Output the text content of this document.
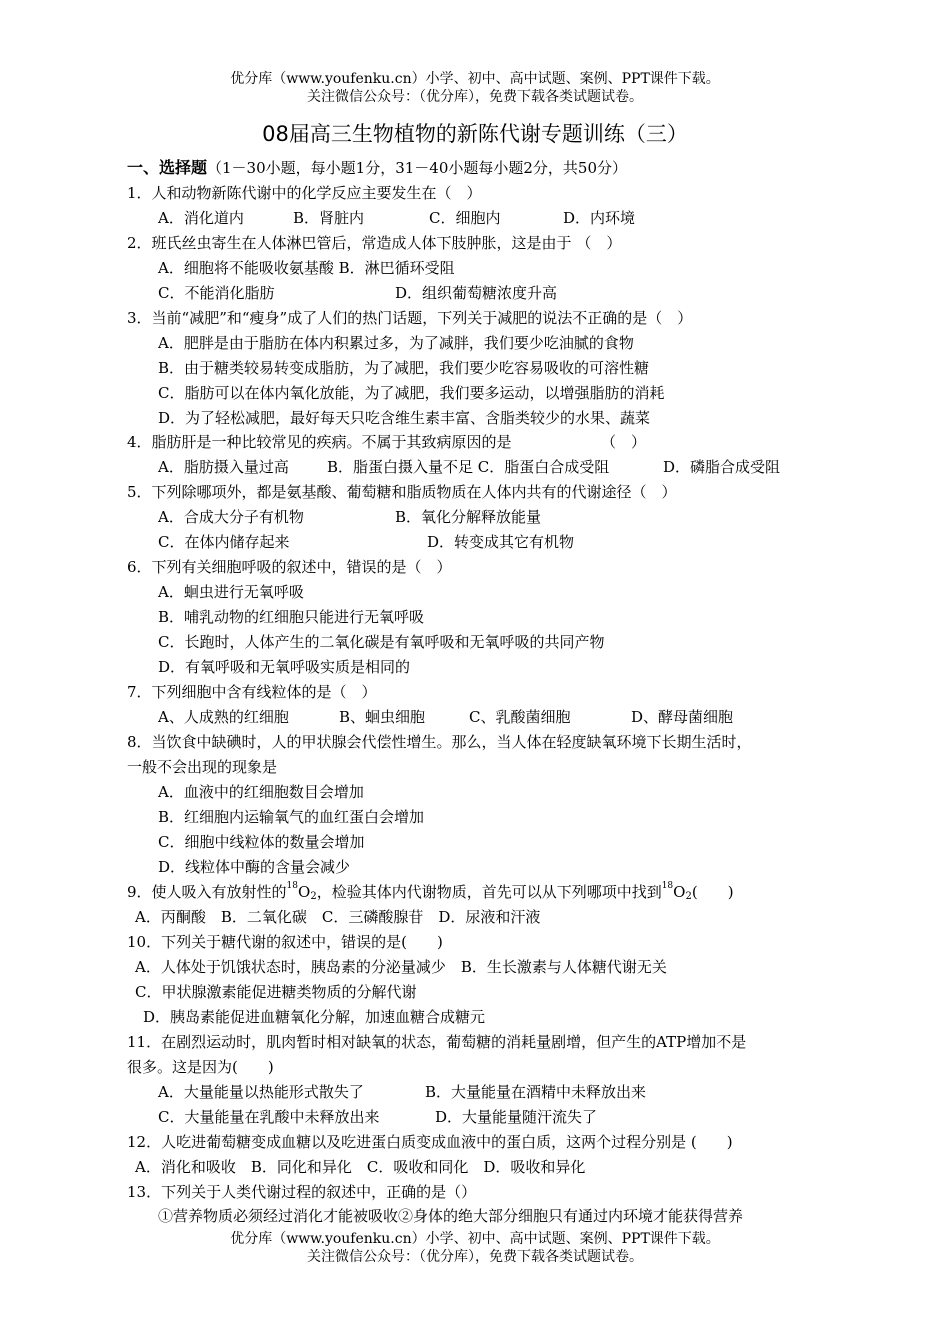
优分库（www.youfenku.cn）小学、初中、高中试题、案例、PPT课件下载。
关注微信公众号：（优分库），免费下载各类试题试卷。
08届高三生物植物的新陈代谢专题训练（三）
一、选择题（1－30小题，每小题1分，31－40小题每小题2分，共50分）
1．人和动物新陈代谢中的化学反应主要发生在（　）
A．消化道内	B．肾脏内	C．细胞内	D．内环境
2．班氏丝虫寄生在人体淋巴管后，常造成人体下肢肿胀，这是由于 （　）
A．细胞将不能吸收氨基酸 B．淋巴循环受阻
C．不能消化脂肪	D．组织葡萄糖浓度升高
3．当前“减肥”和“瘦身”成了人们的热门话题，下列关于减肥的说法不正确的是（　）
A．肥胖是由于脂肪在体内积累过多，为了减胖，我们要少吃油腻的食物
B．由于糖类较易转变成脂肪，为了减肥，我们要少吃容易吸收的可溶性糖
C．脂肪可以在体内氧化放能，为了减肥，我们要多运动，以增强脂肪的消耗
D．为了轻松减肥，最好每天只吃含维生素丰富、含脂类较少的水果、蔬菜
4．脂肪肝是一种比较常见的疾病。不属于其致病原因的是	（　）
A．脂肪摄入量过高	B．脂蛋白摄入量不足 C．脂蛋白合成受阻	D．磷脂合成受阻
5．下列除哪项外，都是氨基酸、葡萄糖和脂质物质在人体内共有的代谢途径（　）
A．合成大分子有机物	B．氧化分解释放能量
C．在体内储存起来	D．转变成其它有机物
6．下列有关细胞呼吸的叙述中，错误的是（　）
A．蛔虫进行无氧呼吸
B．哺乳动物的红细胞只能进行无氧呼吸
C．长跑时，人体产生的二氧化碳是有氧呼吸和无氧呼吸的共同产物
D．有氧呼吸和无氧呼吸实质是相同的
7．下列细胞中含有线粒体的是（　）
A、人成熟的红细胞	B、蛔虫细胞	C、乳酸菌细胞	D、酵母菌细胞
8．当饮食中缺碘时，人的甲状腺会代偿性增生。那么，当人体在轻度缺氧环境下长期生活时，
一般不会出现的现象是
A．血液中的红细胞数目会增加
B．红细胞内运输氧气的血红蛋白会增加
C．细胞中线粒体的数量会增加
D．线粒体中酶的含量会减少
9．使人吸入有放射性的$^{18}$O2，检验其体内代谢物质，首先可以从下列哪项中找到$^{18}$O2(　　)
A．丙酮酸　B．二氧化碳　C．三磷酸腺苷　D．尿液和汗液
10．下列关于糖代谢的叙述中，错误的是(　　)
A．人体处于饥饿状态时，胰岛素的分泌量减少　B．生长激素与人体糖代谢无关
C．甲状腺激素能促进糖类物质的分解代谢
D．胰岛素能促进血糖氧化分解，加速血糖合成糖元
11．在剧烈运动时，肌肉暂时相对缺氧的状态，葡萄糖的消耗量剧增，但产生的ATP增加不是
很多。这是因为(　　)
A．大量能量以热能形式散失了	B．大量能量在酒精中未释放出来
C．大量能量在乳酸中未释放出来	D．大量能量随汗流失了
12．人吃进葡萄糖变成血糖以及吃进蛋白质变成血液中的蛋白质，这两个过程分别是 (　　)
A．消化和吸收　B．同化和异化　C．吸收和同化　D．吸收和异化
13．下列关于人类代谢过程的叙述中，正确的是（）
①营养物质必须经过消化才能被吸收②身体的绝大部分细胞只有通过内环境才能获得营养
优分库（www.youfenku.cn）小学、初中、高中试题、案例、PPT课件下载。
关注微信公众号：（优分库），免费下载各类试题试卷。
